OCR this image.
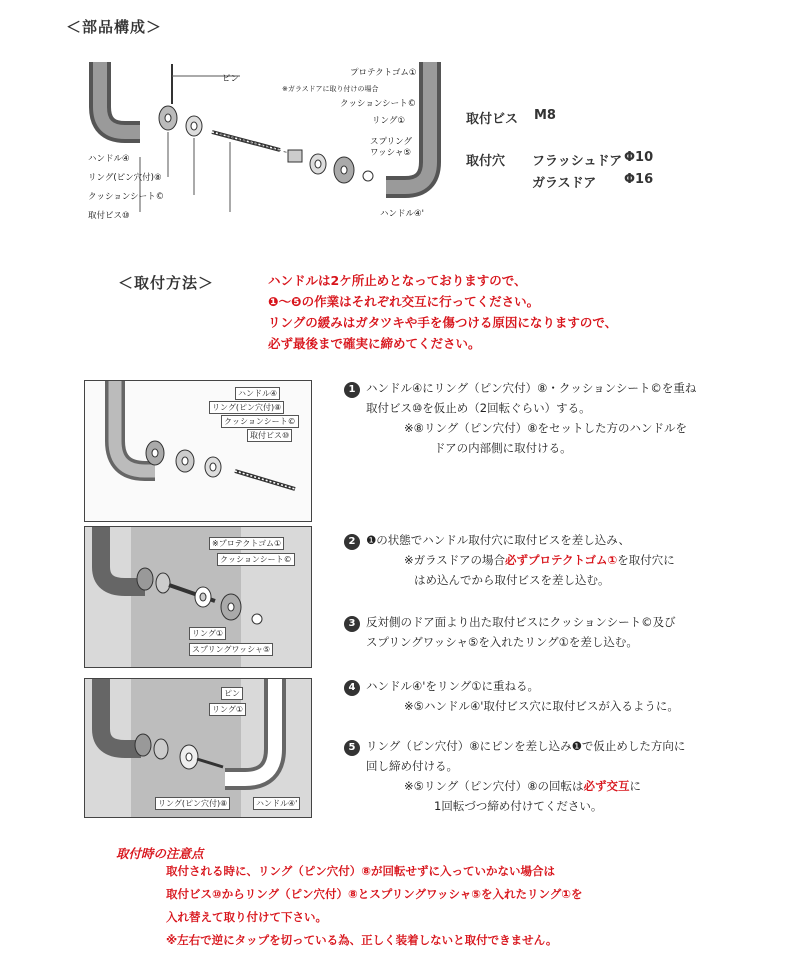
＜部品構成＞
ピン
※ガラスドアに取り付けの場合
プロテクトゴム①
クッションシート©
リング①
スプリングワッシャ⑤
ハンドル④
リング(ピン穴付)⑧
クッションシート©
取付ビス⑩	ハンドル④'
取付ビス M8
取付穴 フラッシュドア Φ10
ガラスドア Φ16
＜取付方法＞	ハンドルは2ケ所止めとなっておりますので、
❶～❺の作業はそれぞれ交互に行ってください。
リングの緩みはガタツキや手を傷つける原因になりますので、
必ず最後まで確実に締めてください。
ハンドル④
リング(ピン穴付)⑧
クッションシート©
取付ビス⑩
※プロテクトゴム①
クッションシート©
リング①
スプリングワッシャ⑤
ピン
リング①
リング(ピン穴付)⑧	ハンドル④'
1 ハンドル④にリング（ピン穴付）⑧・クッションシート©を重ね
取付ビス⑩を仮止め（2回転ぐらい）する。
※⑧リング（ピン穴付）⑧をセットした方のハンドルを
ドアの内部側に取付ける。
2 ❶の状態でハンドル取付穴に取付ビスを差し込み、
※ガラスドアの場合必ずプロテクトゴム①を取付穴に
はめ込んでから取付ビスを差し込む。
3 反対側のドア面より出た取付ビスにクッションシート©及び
スプリングワッシャ⑤を入れたリング①を差し込む。
4 ハンドル④'をリング①に重ねる。
※⑤ハンドル④'取付ビス穴に取付ビスが入るように。
5 リング（ピン穴付）⑧にピンを差し込み❶で仮止めした方向に
回し締め付ける。
※⑤リング（ピン穴付）⑧の回転は必ず交互に
1回転づつ締め付けてください。
取付時の注意点
取付される時に、リング（ピン穴付）⑧が回転せずに入っていかない場合は
取付ビス⑩からリング（ピン穴付）⑧とスプリングワッシャ⑤を入れたリング①を
入れ替えて取り付けて下さい。
※左右で逆にタップを切っている為、正しく装着しないと取付できません。
